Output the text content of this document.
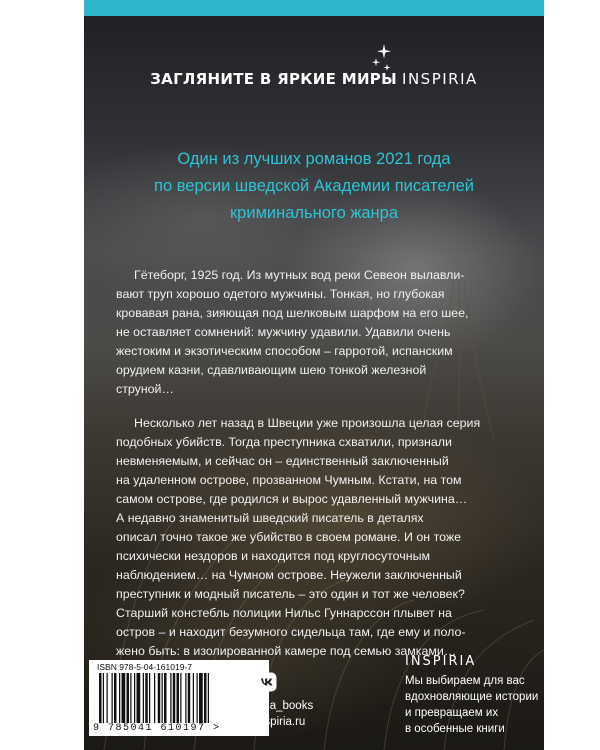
ЗАГЛЯНИТЕ В ЯРКИЕ МИРЫ INSPIRIA
Один из лучших романов 2021 года
по версии шведской Академии писателей
криминального жанра
Гётеборг, 1925 год. Из мутных вод реки Севеон вылавли-
вают труп хорошо одетого мужчины. Тонкая, но глубокая
кровавая рана, зияющая под шелковым шарфом на его шее,
не оставляет сомнений: мужчину удавили. Удавили очень
жестоким и экзотическим способом – гарротой, испанским
орудием казни, сдавливающим шею тонкой железной
струной…
Несколько лет назад в Швеции уже произошла целая серия
подобных убийств. Тогда преступника схватили, признали
невменяемым, и сейчас он – единственный заключенный
на удаленном острове, прозванном Чумным. Кстати, на том
самом острове, где родился и вырос удавленный мужчина…
А недавно знаменитый шведский писатель в деталях
описал точно такое же убийство в своем романе. И он тоже
психически нездоров и находится под круглосуточным
наблюдением… на Чумном острове. Неужели заключенный
преступник и модный писатель – это один и тот же человек?
Старший констебль полиции Нильс Гуннарссон плывет на
остров – и находит безумного сидельца там, где ему и поло-
жено быть: в изолированной камере под семью замками…
ISBN 978-5-04-161019-7
9 785041 610197 >
@inspiria_books
www.inspiria.ru
INSPIRIA
Мы выбираем для вас
вдохновляющие истории
и превращаем их
в особенные книги
